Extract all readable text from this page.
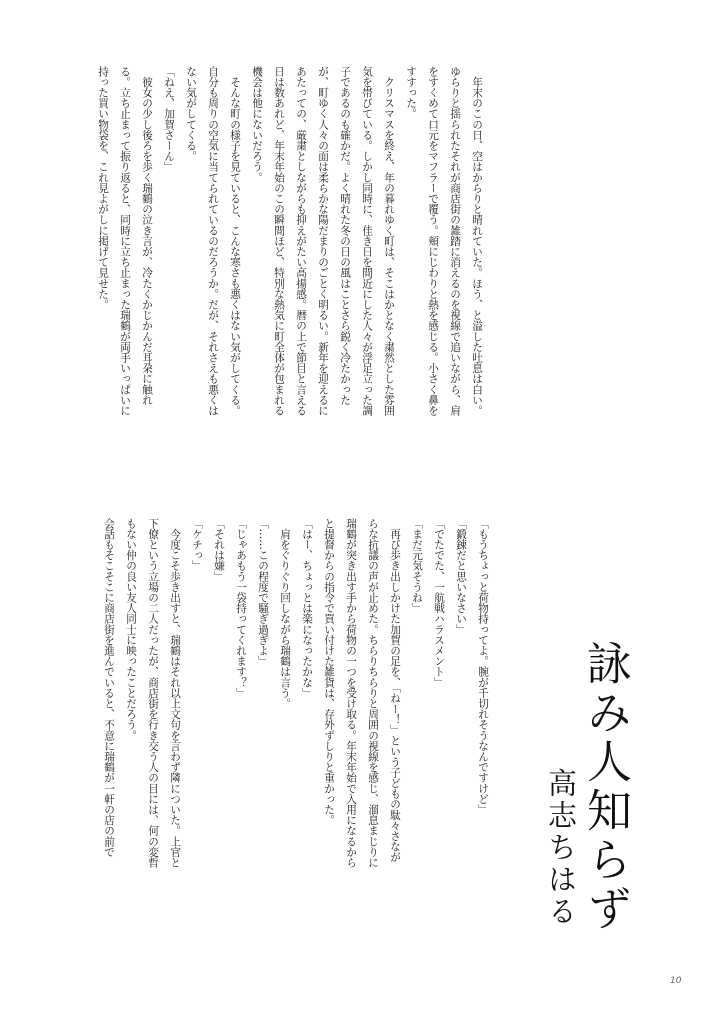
　年末のこの日、空はからりと晴れていた。ほう、と溢した吐息は白い。
ゆらりと揺られたそれが商店街の雑踏に消えるのを視線で追いながら、肩
をすくめて口元をマフラーで覆う。頬にじわりと熱を感じる。小さく鼻を
すすった。
　クリスマスを終え、年の暮れゆく町は、そこはかとなく粛然とした雰囲
気を帯びている。しかし同時に、佳き日を間近にした人々が浮足立った調
子であるのも確かだ。よく晴れた冬の日の風はことさら鋭く冷たかった
が、町ゆく人々の面は柔らかな陽だまりのごとく明るい。新年を迎えるに
あたっての、厳粛としながらも抑えがたい高揚感。暦の上で節目と言える
日は数あれど、年末年始のこの瞬間ほど、特別な熱気に町全体が包まれる
機会は他にないだろう。
　そんな町の様子を見ていると、こんな寒さも悪くはない気がしてくる。
自分も周りの空気に当てられているのだろうか。だが、それさえも悪くは
ない気がしてくる。
「ねえ、加賀さーん」
　彼女の少し後ろを歩く瑞鶴の泣き言が、冷たくかじかんだ耳朶に触れ
る。立ち止まって振り返ると、同時に立ち止まった瑞鶴が両手いっぱいに
持った買い物袋を、これ見よがしに掲げて見せた。
「もうちょっと荷物持ってよ。腕が千切れそうなんですけど」
「鍛錬だと思いなさい」
「でたでた、一航戦ハラスメント」
「まだ元気そうね」
　再び歩き出しかけた加賀の足を、「ねー！」という子どもの駄々さなが
らな抗議の声が止めた。ちらりちらりと周囲の視線を感じ、溜息まじりに
瑞鶴が突き出す手から荷物の一つを受け取る。年末年始で入用になるから
と提督からの指令で買い付けた雑貨は、存外ずしりと重かった。
「はー、ちょっとは楽になったかな」
　肩をぐりぐり回しながら瑞鶴は言う。
「……この程度で騒ぎ過ぎよ」
「じゃあもう一袋持ってくれます？」
「それは嫌」
「ケチっ」
　今度こそ歩き出すと、瑞鶴はそれ以上文句を言わず隣についた。上官と
下僚という立場の二人だったが、商店街を行き交う人の目には、何の変哲
もない仲の良い友人同士に映ったことだろう。
会話もそこそこに商店街を進んでいると、不意に瑞鶴が一軒の店の前で	詠み人知らず
高志ちはる
10
